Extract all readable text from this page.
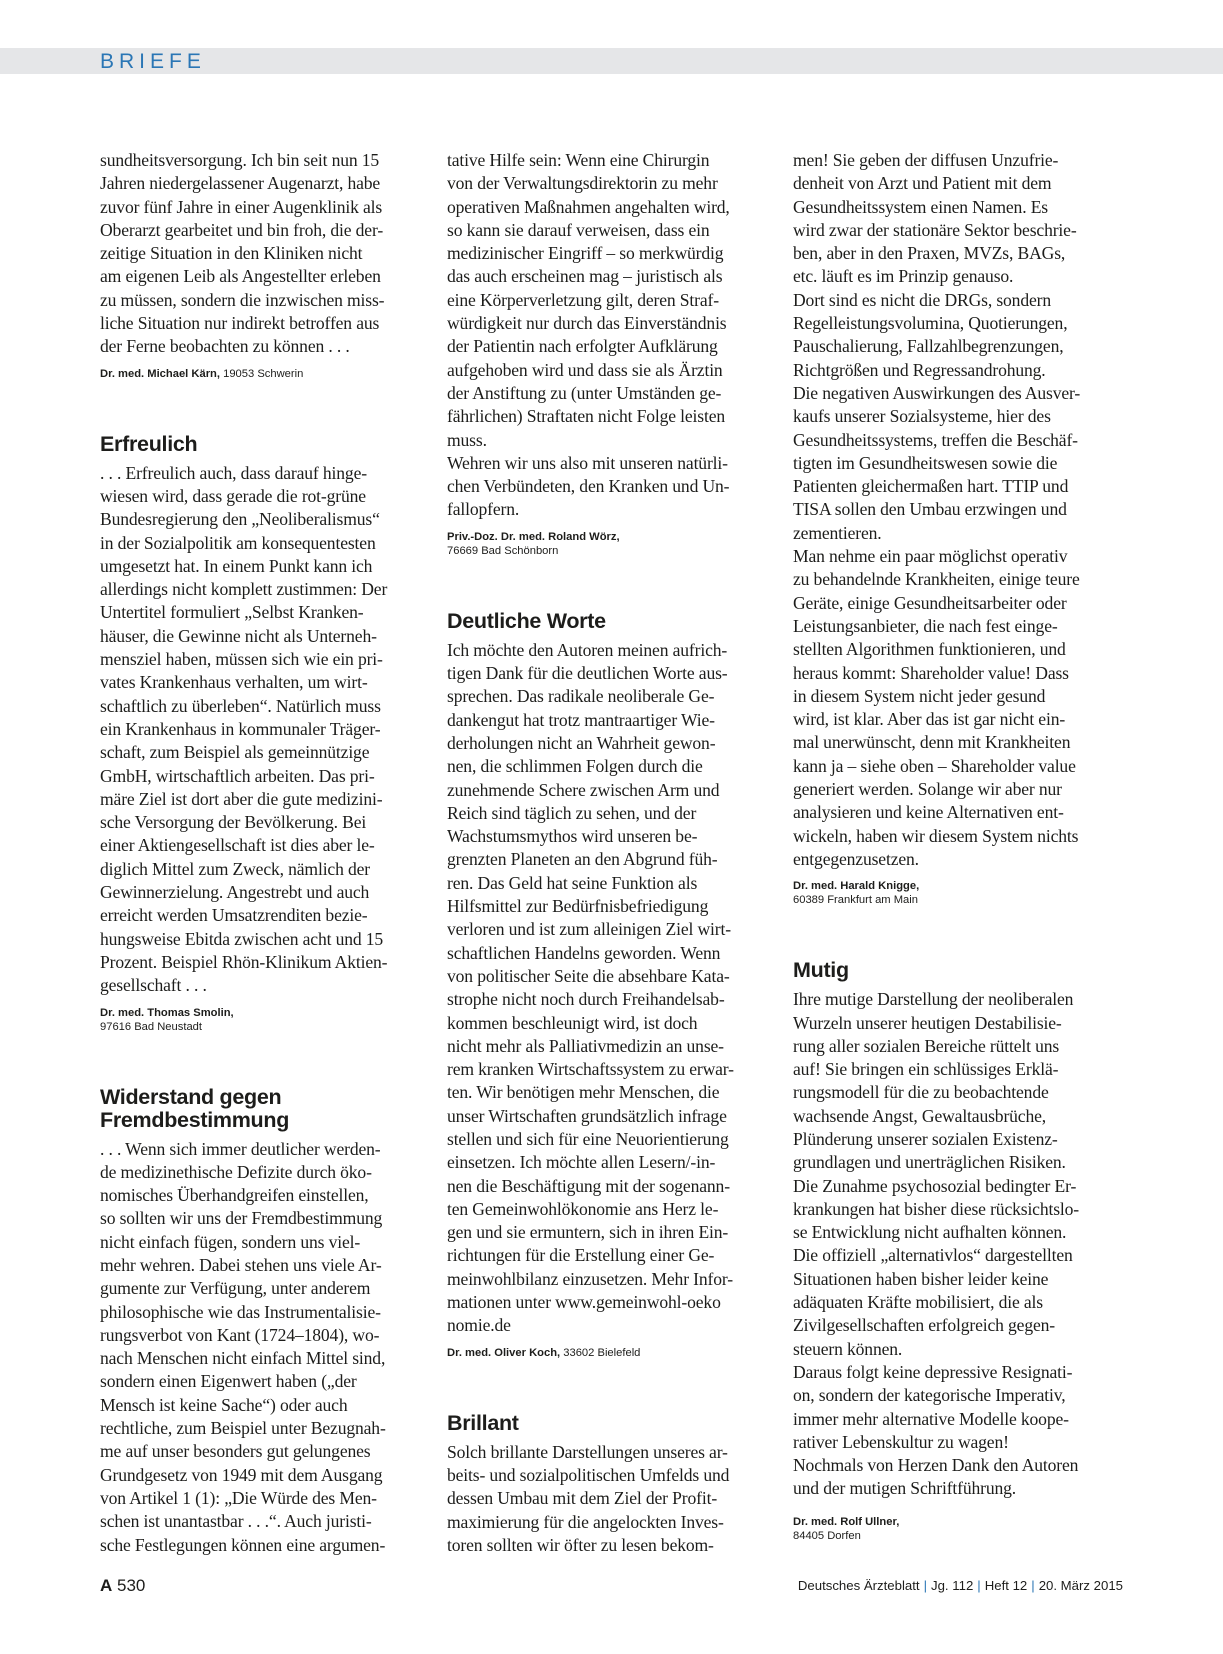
BRIEFE

sundheitsversorgung. Ich bin seit nun 15
Jahren niedergelassener Augenarzt, habe
zuvor fünf Jahre in einer Augenklinik als
Oberarzt gearbeitet und bin froh, die der-
zeitige Situation in den Kliniken nicht
am eigenen Leib als Angestellter erleben
zu müssen, sondern die inzwischen miss-
liche Situation nur indirekt betroffen aus
der Ferne beobachten zu können . . .

Dr. med. Michael Kärn, 19053 Schwerin

Erfreulich

. . . Erfreulich auch, dass darauf hinge-
wiesen wird, dass gerade die rot-grüne
Bundesregierung den „Neoliberalismus“
in der Sozialpolitik am konsequentesten
umgesetzt hat. In einem Punkt kann ich
allerdings nicht komplett zustimmen: Der
Untertitel formuliert „Selbst Kranken-
häuser, die Gewinne nicht als Unterneh-
mensziel haben, müssen sich wie ein pri-
vates Krankenhaus verhalten, um wirt-
schaftlich zu überleben“. Natürlich muss
ein Krankenhaus in kommunaler Träger-
schaft, zum Beispiel als gemeinnützige
GmbH, wirtschaftlich arbeiten. Das pri-
märe Ziel ist dort aber die gute medizini-
sche Versorgung der Bevölkerung. Bei
einer Aktiengesellschaft ist dies aber le-
diglich Mittel zum Zweck, nämlich der
Gewinnerzielung. Angestrebt und auch
erreicht werden Umsatzrenditen bezie-
hungsweise Ebitda zwischen acht und 15
Prozent. Beispiel Rhön-Klinikum Aktien-
gesellschaft . . .

Dr. med. Thomas Smolin,
97616 Bad Neustadt

Widerstand gegen
Fremdbestimmung

. . . Wenn sich immer deutlicher werden-
de medizinethische Defizite durch öko-
nomisches Überhandgreifen einstellen,
so sollten wir uns der Fremdbestimmung
nicht einfach fügen, sondern uns viel-
mehr wehren. Dabei stehen uns viele Ar-
gumente zur Verfügung, unter anderem
philosophische wie das Instrumentalisie-
rungsverbot von Kant (1724–1804), wo-
nach Menschen nicht einfach Mittel sind,
sondern einen Eigenwert haben („der
Mensch ist keine Sache“) oder auch
rechtliche, zum Beispiel unter Bezugnah-
me auf unser besonders gut gelungenes
Grundgesetz von 1949 mit dem Ausgang
von Artikel 1 (1): „Die Würde des Men-
schen ist unantastbar . . .“. Auch juristi-
sche Festlegungen können eine argumen-

tative Hilfe sein: Wenn eine Chirurgin
von der Verwaltungsdirektorin zu mehr
operativen Maßnahmen angehalten wird,
so kann sie darauf verweisen, dass ein
medizinischer Eingriff – so merkwürdig
das auch erscheinen mag – juristisch als
eine Körperverletzung gilt, deren Straf-
würdigkeit nur durch das Einverständnis
der Patientin nach erfolgter Aufklärung
aufgehoben wird und dass sie als Ärztin
der Anstiftung zu (unter Umständen ge-
fährlichen) Straftaten nicht Folge leisten
muss.
Wehren wir uns also mit unseren natürli-
chen Verbündeten, den Kranken und Un-
fallopfern.

Priv.-Doz. Dr. med. Roland Wörz,
76669 Bad Schönborn

Deutliche Worte

Ich möchte den Autoren meinen aufrich-
tigen Dank für die deutlichen Worte aus-
sprechen. Das radikale neoliberale Ge-
dankengut hat trotz mantraartiger Wie-
derholungen nicht an Wahrheit gewon-
nen, die schlimmen Folgen durch die
zunehmende Schere zwischen Arm und
Reich sind täglich zu sehen, und der
Wachstumsmythos wird unseren be-
grenzten Planeten an den Abgrund füh-
ren. Das Geld hat seine Funktion als
Hilfsmittel zur Bedürfnisbefriedigung
verloren und ist zum alleinigen Ziel wirt-
schaftlichen Handelns geworden. Wenn
von politischer Seite die absehbare Kata-
strophe nicht noch durch Freihandelsab-
kommen beschleunigt wird, ist doch
nicht mehr als Palliativmedizin an unse-
rem kranken Wirtschaftssystem zu erwar-
ten. Wir benötigen mehr Menschen, die
unser Wirtschaften grundsätzlich infrage
stellen und sich für eine Neuorientierung
einsetzen. Ich möchte allen Lesern/-in-
nen die Beschäftigung mit der sogenann-
ten Gemeinwohlökonomie ans Herz le-
gen und sie ermuntern, sich in ihren Ein-
richtungen für die Erstellung einer Ge-
meinwohlbilanz einzusetzen. Mehr Infor-
mationen unter www.gemeinwohl-oeko
nomie.de

Dr. med. Oliver Koch, 33602 Bielefeld

Brillant

Solch brillante Darstellungen unseres ar-
beits- und sozialpolitischen Umfelds und
dessen Umbau mit dem Ziel der Profit-
maximierung für die angelockten Inves-
toren sollten wir öfter zu lesen bekom-

men! Sie geben der diffusen Unzufrie-
denheit von Arzt und Patient mit dem
Gesundheitssystem einen Namen. Es
wird zwar der stationäre Sektor beschrie-
ben, aber in den Praxen, MVZs, BAGs,
etc. läuft es im Prinzip genauso.
Dort sind es nicht die DRGs, sondern
Regelleistungsvolumina, Quotierungen,
Pauschalierung, Fallzahlbegrenzungen,
Richtgrößen und Regressandrohung.
Die negativen Auswirkungen des Ausver-
kaufs unserer Sozialsysteme, hier des
Gesundheitssystems, treffen die Beschäf-
tigten im Gesundheitswesen sowie die
Patienten gleichermaßen hart. TTIP und
TISA sollen den Umbau erzwingen und
zementieren.
Man nehme ein paar möglichst operativ
zu behandelnde Krankheiten, einige teure
Geräte, einige Gesundheitsarbeiter oder
Leistungsanbieter, die nach fest einge-
stellten Algorithmen funktionieren, und
heraus kommt: Shareholder value! Dass
in diesem System nicht jeder gesund
wird, ist klar. Aber das ist gar nicht ein-
mal unerwünscht, denn mit Krankheiten
kann ja – siehe oben – Shareholder value
generiert werden. Solange wir aber nur
analysieren und keine Alternativen ent-
wickeln, haben wir diesem System nichts
entgegenzusetzen.

Dr. med. Harald Knigge,
60389 Frankfurt am Main

Mutig

Ihre mutige Darstellung der neoliberalen
Wurzeln unserer heutigen Destabilisie-
rung aller sozialen Bereiche rüttelt uns
auf! Sie bringen ein schlüssiges Erklä-
rungsmodell für die zu beobachtende
wachsende Angst, Gewaltausbrüche,
Plünderung unserer sozialen Existenz-
grundlagen und unerträglichen Risiken.
Die Zunahme psychosozial bedingter Er-
krankungen hat bisher diese rücksichtslo-
se Entwicklung nicht aufhalten können.
Die offiziell „alternativlos“ dargestellten
Situationen haben bisher leider keine
adäquaten Kräfte mobilisiert, die als
Zivilgesellschaften erfolgreich gegen-
steuern können.
Daraus folgt keine depressive Resignati-
on, sondern der kategorische Imperativ,
immer mehr alternative Modelle koope-
rativer Lebenskultur zu wagen!
Nochmals von Herzen Dank den Autoren
und der mutigen Schriftführung.

Dr. med. Rolf Ullner,
84405 Dorfen

A 530	Deutsches Ärzteblatt | Jg. 112 | Heft 12 | 20. März 2015
